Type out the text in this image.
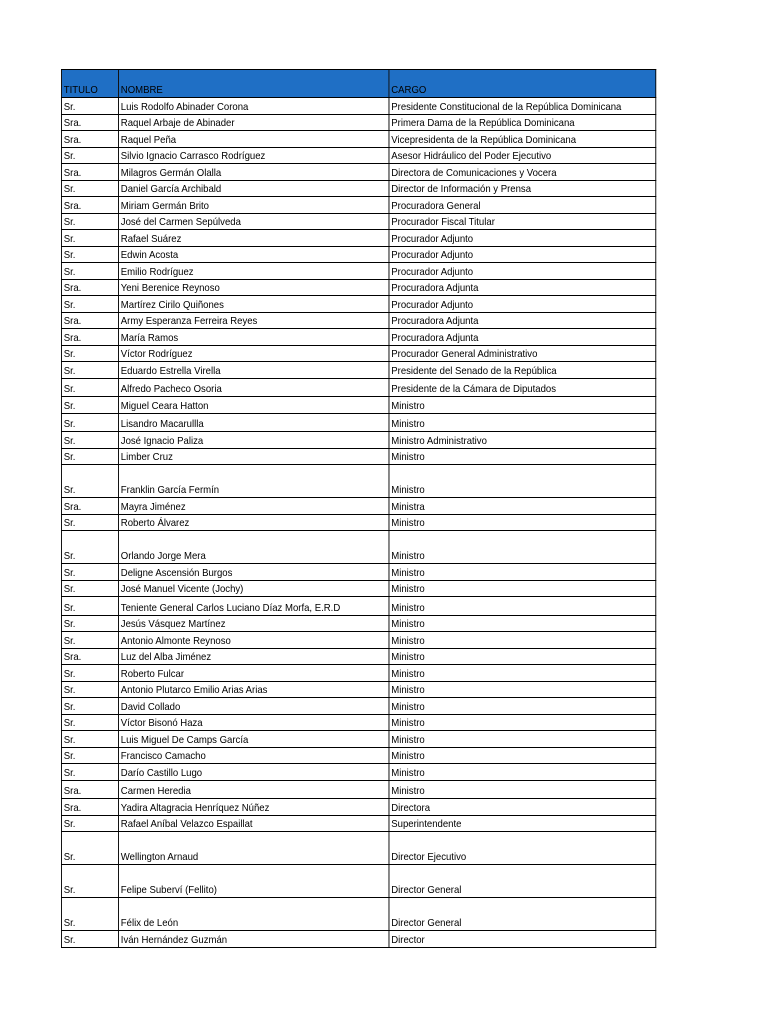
TITULO	NOMBRE	CARGO
Sr.	Luis Rodolfo Abinader Corona	Presidente Constitucional de la República Dominicana
Sra.	Raquel Arbaje de Abinader	Primera Dama de la República Dominicana
Sra.	Raquel Peña	Vicepresidenta de la República Dominicana
Sr.	Silvio Ignacio Carrasco Rodríguez	Asesor Hidráulico del Poder Ejecutivo
Sra.	Milagros Germán Olalla	Directora de Comunicaciones y Vocera
Sr.	Daniel García Archibald	Director de Información y Prensa
Sra.	Miriam Germán Brito	Procuradora General
Sr.	José del Carmen Sepúlveda	Procurador Fiscal Titular
Sr.	Rafael Suárez	Procurador Adjunto
Sr.	Edwin Acosta	Procurador Adjunto
Sr.	Emilio Rodríguez	Procurador Adjunto
Sra.	Yeni Berenice Reynoso	Procuradora Adjunta
Sr.	Martírez Cirilo Quiñones	Procurador Adjunto
Sra.	Army Esperanza Ferreira Reyes	Procuradora Adjunta
Sra.	María Ramos	Procuradora Adjunta
Sr.	Víctor Rodríguez	Procurador General Administrativo
Sr.	Eduardo Estrella Virella	Presidente del Senado de la República
Sr.	Alfredo Pacheco Osoria	Presidente de la Cámara de Diputados
Sr.	Miguel Ceara Hatton	Ministro
Sr.	Lisandro Macarullla	Ministro
Sr.	José Ignacio Paliza	Ministro Administrativo
Sr.	Limber Cruz	Ministro
Sr.	Franklin García Fermín	Ministro
Sra.	Mayra Jiménez	Ministra
Sr.	Roberto Álvarez	Ministro
Sr.	Orlando Jorge Mera	Ministro
Sr.	Deligne Ascensión Burgos	Ministro
Sr.	José Manuel Vicente (Jochy)	Ministro
Sr.	Teniente General Carlos Luciano Díaz Morfa, E.R.D	Ministro
Sr.	Jesús Vásquez Martínez	Ministro
Sr.	Antonio Almonte Reynoso	Ministro
Sra.	Luz del Alba Jiménez	Ministro
Sr.	Roberto Fulcar	Ministro
Sr.	Antonio Plutarco Emilio Arias Arias	Ministro
Sr.	David Collado	Ministro
Sr.	Víctor Bisonó Haza	Ministro
Sr.	Luis Miguel De Camps García	Ministro
Sr.	Francisco Camacho	Ministro
Sr.	Darío Castillo Lugo	Ministro
Sra.	Carmen Heredia	Ministro
Sra.	Yadira Altagracia Henríquez Núñez	Directora
Sr.	Rafael Aníbal Velazco Espaillat	Superintendente
Sr.	Wellington Arnaud	Director Ejecutivo
Sr.	Felipe Suberví (Fellito)	Director General
Sr.	Félix de León	Director General
Sr.	Iván Hernández Guzmán	Director
